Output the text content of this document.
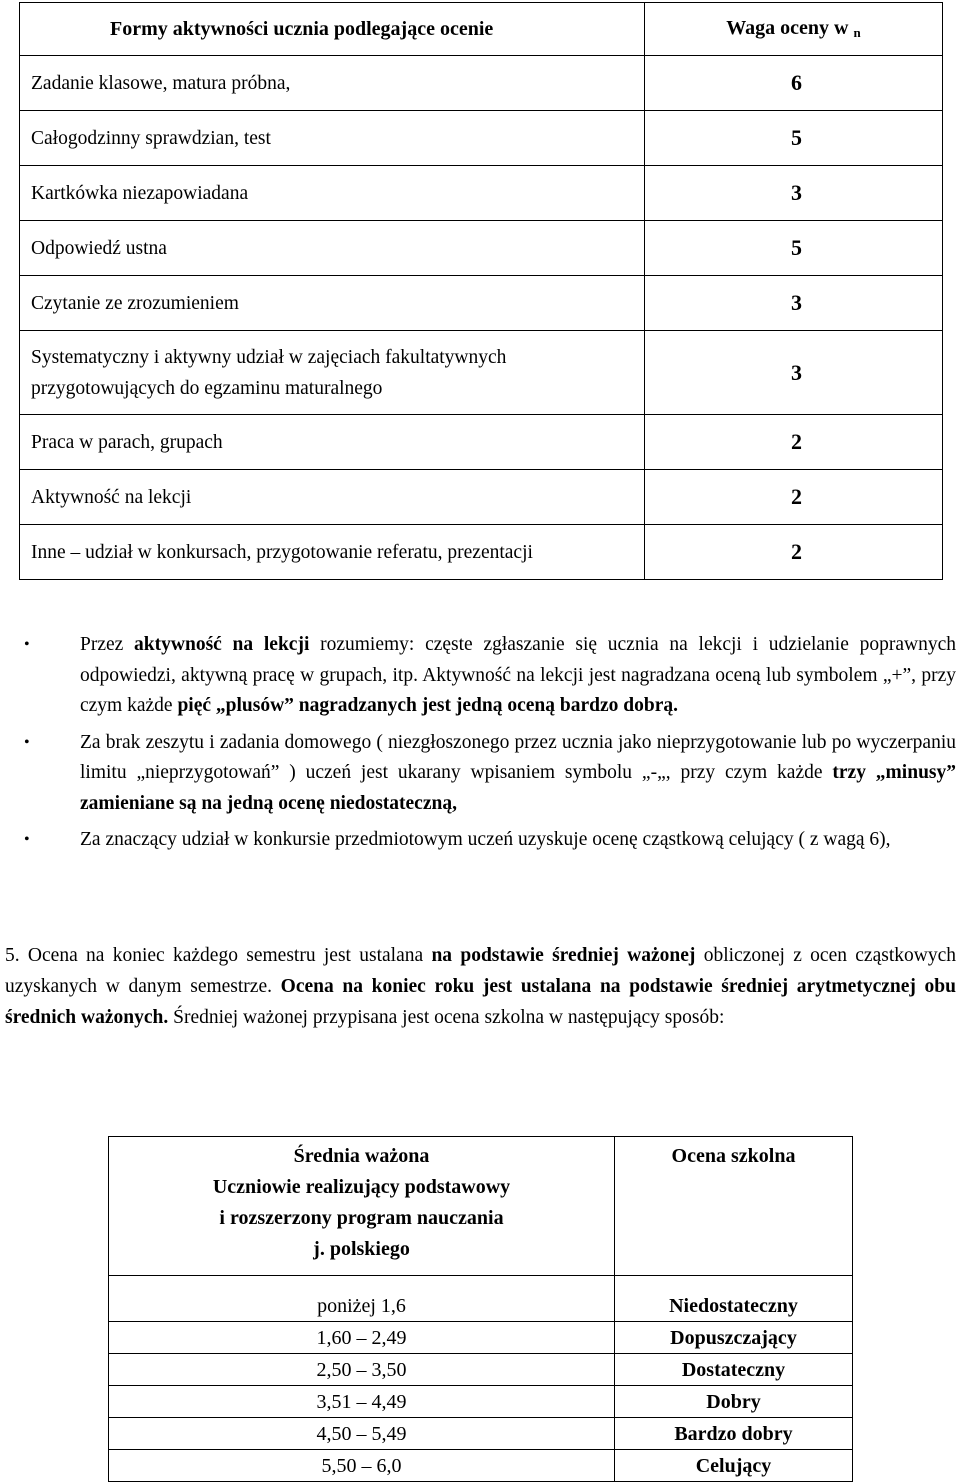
Formy aktywności ucznia podlegające ocenie	Waga oceny w $_n$
Zadanie klasowe, matura próbna,	6
Całogodzinny sprawdzian, test	5
Kartkówka niezapowiadana	3
Odpowiedź ustna	5
Czytanie ze zrozumieniem	3
Systematyczny i aktywny udział w zajęciach fakultatywnych przygotowujących do egzaminu maturalnego	3
Praca w parach, grupach	2
Aktywność na lekcji	2
Inne – udział w konkursach, przygotowanie referatu, prezentacji	2
•	Przez aktywność na lekcji rozumiemy: częste zgłaszanie się ucznia na lekcji i udzielanie poprawnych odpowiedzi, aktywną pracę w grupach, itp. Aktywność na lekcji jest nagradzana oceną lub symbolem „+”, przy czym każde pięć „plusów” nagradzanych jest jedną oceną bardzo dobrą.
•	Za brak zeszytu i zadania domowego ( niezgłoszonego przez ucznia jako nieprzygotowanie lub po wyczerpaniu limitu „nieprzygotowań” ) uczeń jest ukarany wpisaniem symbolu „-„, przy czym każde trzy „minusy” zamieniane są na jedną ocenę niedostateczną,
•	Za znaczący udział w konkursie przedmiotowym uczeń uzyskuje ocenę cząstkową celujący ( z wagą 6),

5. Ocena na koniec każdego semestru jest ustalana na podstawie średniej ważonej obliczonej z ocen cząstkowych uzyskanych w danym semestrze. Ocena na koniec roku jest ustalana na podstawie średniej arytmetycznej obu średnich ważonych. Średniej ważonej przypisana jest ocena szkolna w następujący sposób:

Średnia ważona
Uczniowie realizujący podstawowy
i rozszerzony program nauczania
j. polskiego	Ocena szkolna
poniżej 1,6	Niedostateczny
1,60 – 2,49	Dopuszczający
2,50 – 3,50	Dostateczny
3,51 – 4,49	Dobry
4,50 – 5,49	Bardzo dobry
5,50 – 6,0	Celujący
